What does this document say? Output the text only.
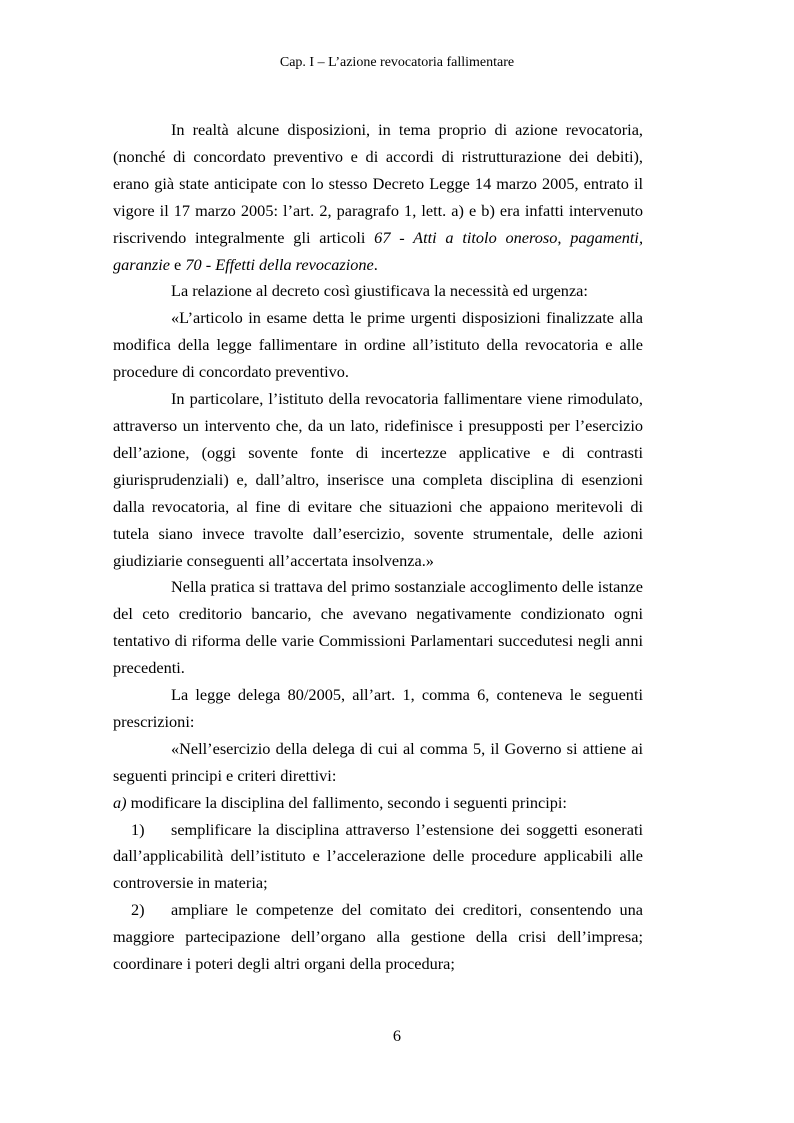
Cap. I – L’azione revocatoria fallimentare

In realtà alcune disposizioni, in tema proprio di azione revocatoria, (nonché di concordato preventivo e di accordi di ristrutturazione dei debiti), erano già state anticipate con lo stesso Decreto Legge 14 marzo 2005, entrato il vigore il 17 marzo 2005: l’art. 2, paragrafo 1, lett. a) e b) era infatti intervenuto riscrivendo integralmente gli articoli 67 - Atti a titolo oneroso, pagamenti, garanzie e 70 - Effetti della revocazione.

La relazione al decreto così giustificava la necessità ed urgenza:

«L’articolo in esame detta le prime urgenti disposizioni finalizzate alla modifica della legge fallimentare in ordine all’istituto della revocatoria e alle procedure di concordato preventivo.

In particolare, l’istituto della revocatoria fallimentare viene rimodulato, attraverso un intervento che, da un lato, ridefinisce i presupposti per l’esercizio dell’azione, (oggi sovente fonte di incertezze applicative e di contrasti giurisprudenziali) e, dall’altro, inserisce una completa disciplina di esenzioni dalla revocatoria, al fine di evitare che situazioni che appaiono meritevoli di tutela siano invece travolte dall’esercizio, sovente strumentale, delle azioni giudiziarie conseguenti all’accertata insolvenza.»

Nella pratica si trattava del primo sostanziale accoglimento delle istanze del ceto creditorio bancario, che avevano negativamente condizionato ogni tentativo di riforma delle varie Commissioni Parlamentari succedutesi negli anni precedenti.

La legge delega 80/2005, all’art. 1, comma 6, conteneva le seguenti prescrizioni:

«Nell’esercizio della delega di cui al comma 5, il Governo si attiene ai seguenti principi e criteri direttivi:

a) modificare la disciplina del fallimento, secondo i seguenti principi:

1) semplificare la disciplina attraverso l’estensione dei soggetti esonerati dall’applicabilità dell’istituto e l’accelerazione delle procedure applicabili alle controversie in materia;

2) ampliare le competenze del comitato dei creditori, consentendo una maggiore partecipazione dell’organo alla gestione della crisi dell’impresa; coordinare i poteri degli altri organi della procedura;

6
